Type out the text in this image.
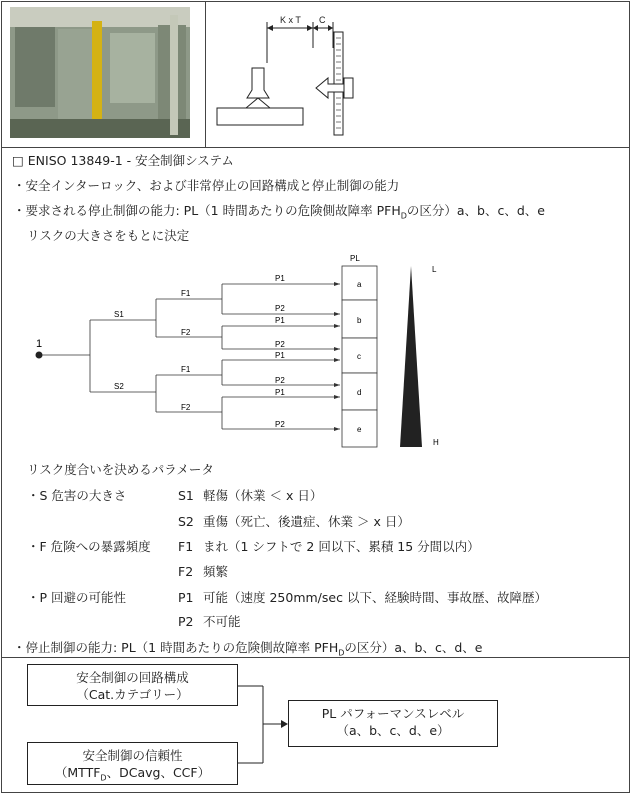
K x T C
□ ENISO 13849-1 - 安全制御システム
・安全インターロック、および非常停止の回路構成と停止制御の能力
・要求される停止制御の能力: PL（1 時間あたりの危険側故障率 $PFH_D$の区分）a、b、c、d、e
リスクの大きさをもとに決定
1
S1
S2
F1
F2
F1
F2
P1
P2
P1
P2
P1
P2
P1
P2
PL
a
b
c
d
e
L
H
リスク度合いを決めるパラメータ
・S 危害の大きさ	S1 軽傷（休業 ＜ x 日）
S2 重傷（死亡、後遺症、休業 ＞ x 日）
・F 危険への暴露頻度 F1 まれ（1 シフトで 2 回以下、累積 15 分間以内）
F2 頻繁
・P 回避の可能性	P1 可能（速度 250mm/sec 以下、経験時間、事故歴、故障歴）
P2 不可能
・停止制御の能力: PL（1 時間あたりの危険側故障率 $PFH_D$の区分）a、b、c、d、e
安全制御の回路構成
（Cat.カテゴリー）
安全制御の信頼性
（$MTTF_D$、DCavg、CCF）
PL パフォーマンスレベル
（a、b、c、d、e）
